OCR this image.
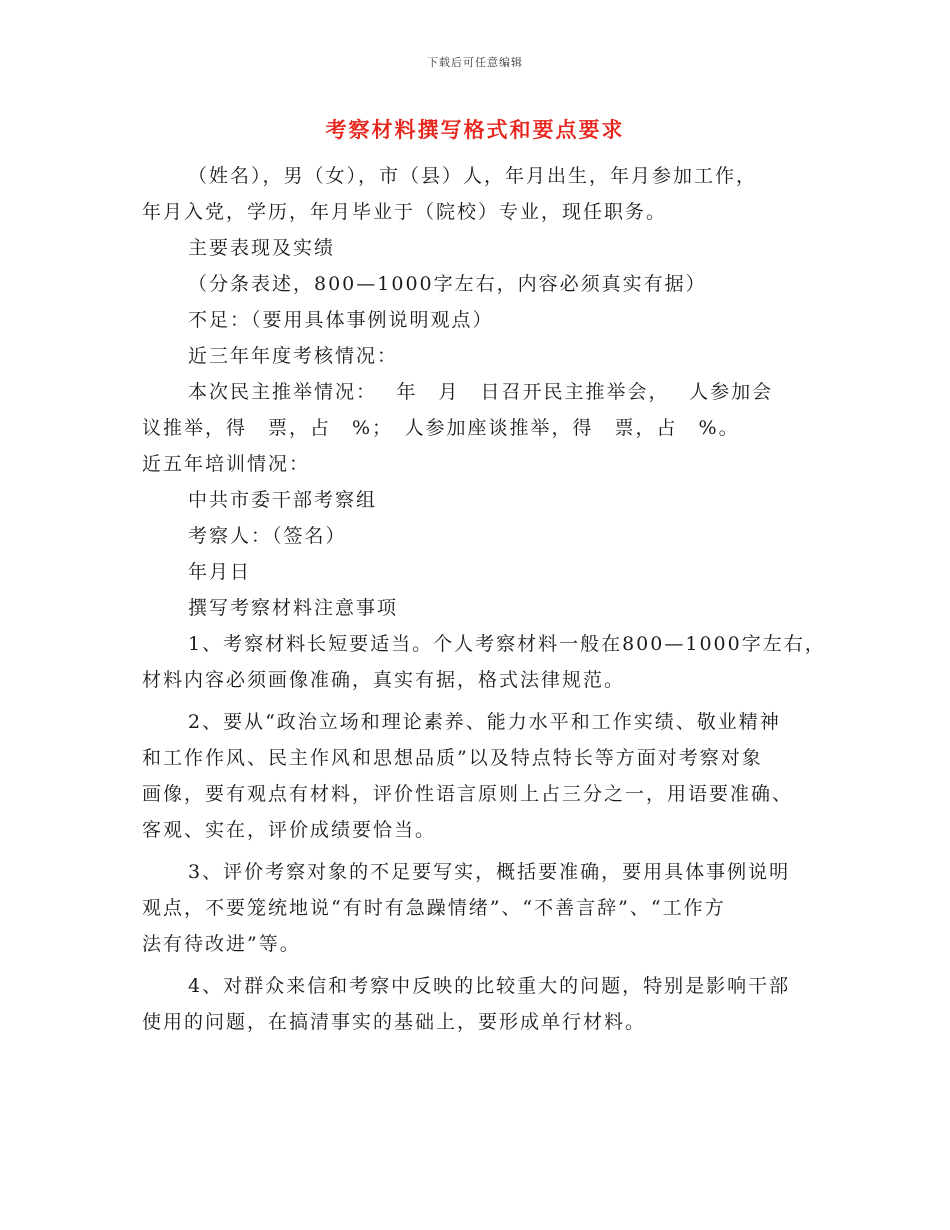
下载后可任意编辑
考察材料撰写格式和要点要求
（姓名），男（女），市（县）人，年月出生，年月参加工作，
年月入党，学历，年月毕业于（院校）专业，现任职务。
主要表现及实绩
（分条表述，800—1000字左右，内容必须真实有据）
不足：（要用具体事例说明观点）
近三年年度考核情况：
本次民主推举情况：　 年　月　日召开民主推举会，　 人参加会
议推举，得　票，占　%；　人参加座谈推举，得　票，占　%。
近五年培训情况：
中共市委干部考察组
考察人：（签名）
年月日
撰写考察材料注意事项
1、考察材料长短要适当。个人考察材料一般在800—1000字左右，
材料内容必须画像准确，真实有据，格式法律规范。
2、要从“政治立场和理论素养、能力水平和工作实绩、敬业精神
和工作作风、民主作风和思想品质”以及特点特长等方面对考察对象
画像，要有观点有材料，评价性语言原则上占三分之一，用语要准确、
客观、实在，评价成绩要恰当。
3、评价考察对象的不足要写实，概括要准确，要用具体事例说明
观点，不要笼统地说“有时有急躁情绪”、“不善言辞”、“工作方
法有待改进”等。
4、对群众来信和考察中反映的比较重大的问题，特别是影响干部
使用的问题，在搞清事实的基础上，要形成单行材料。
